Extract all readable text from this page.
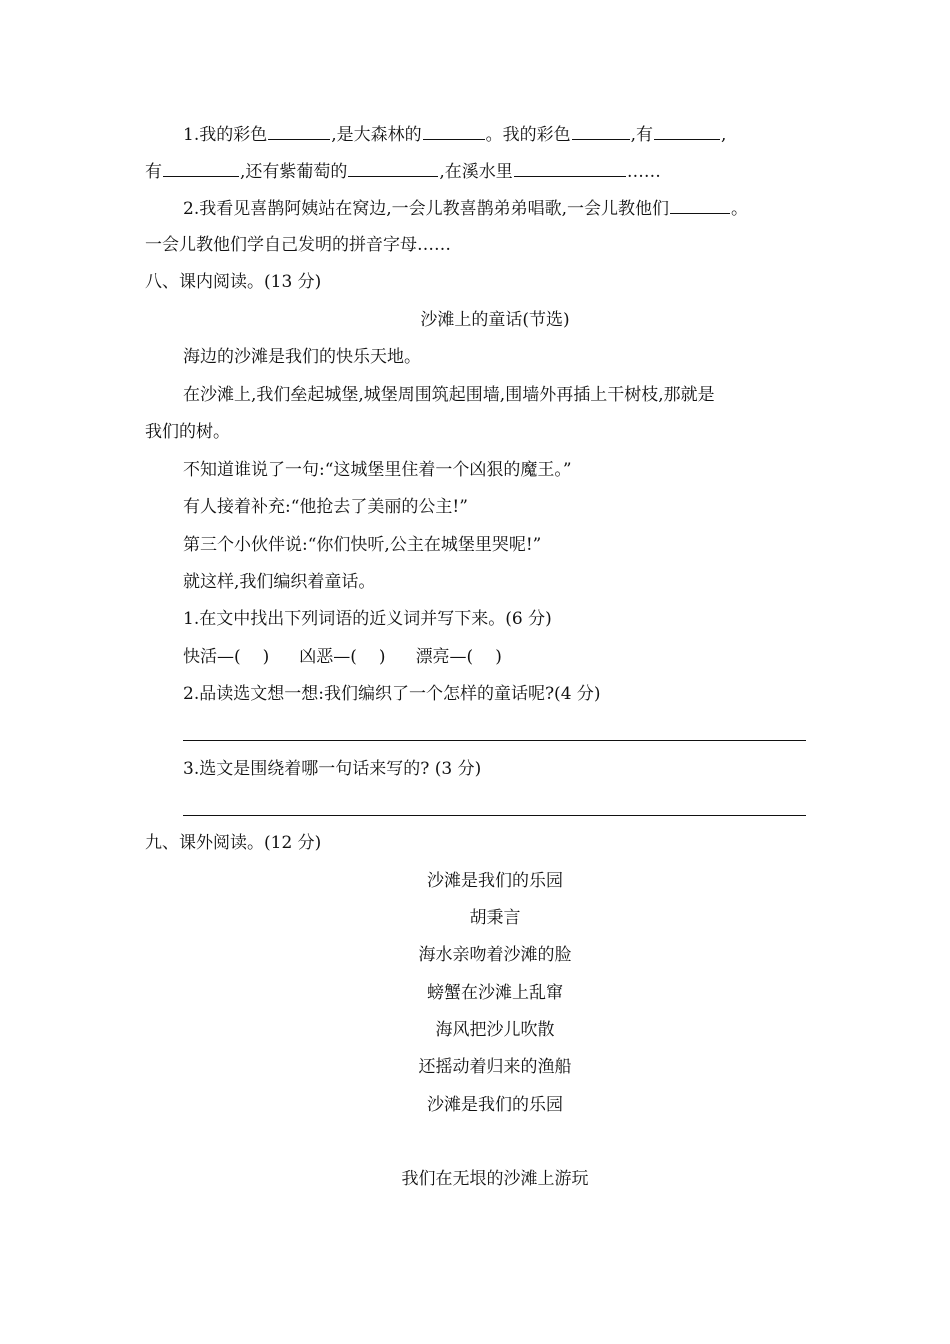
1.我的彩色	,是大森林的	。我的彩色	,有	,
有	,还有紫葡萄的	,在溪水里	……
2.我看见喜鹊阿姨站在窝边,一会儿教喜鹊弟弟唱歌,一会儿教他们	。
一会儿教他们学自己发明的拼音字母……
八、课内阅读。(13 分)
沙滩上的童话(节选)
海边的沙滩是我们的快乐天地。
在沙滩上,我们垒起城堡,城堡周围筑起围墙,围墙外再插上干树枝,那就是
我们的树。
不知道谁说了一句:“这城堡里住着一个凶狠的魔王。”
有人接着补充:“他抢去了美丽的公主!”
第三个小伙伴说:“你们快听,公主在城堡里哭呢!”
就这样,我们编织着童话。
1.在文中找出下列词语的近义词并写下来。(6 分)
快活—( ) 凶恶—( ) 漂亮—( )
2.品读选文想一想:我们编织了一个怎样的童话呢?(4 分)
3.选文是围绕着哪一句话来写的? (3 分)
九、课外阅读。(12 分)
沙滩是我们的乐园
胡秉言
海水亲吻着沙滩的脸
螃蟹在沙滩上乱窜
海风把沙儿吹散
还摇动着归来的渔船
沙滩是我们的乐园
我们在无垠的沙滩上游玩
